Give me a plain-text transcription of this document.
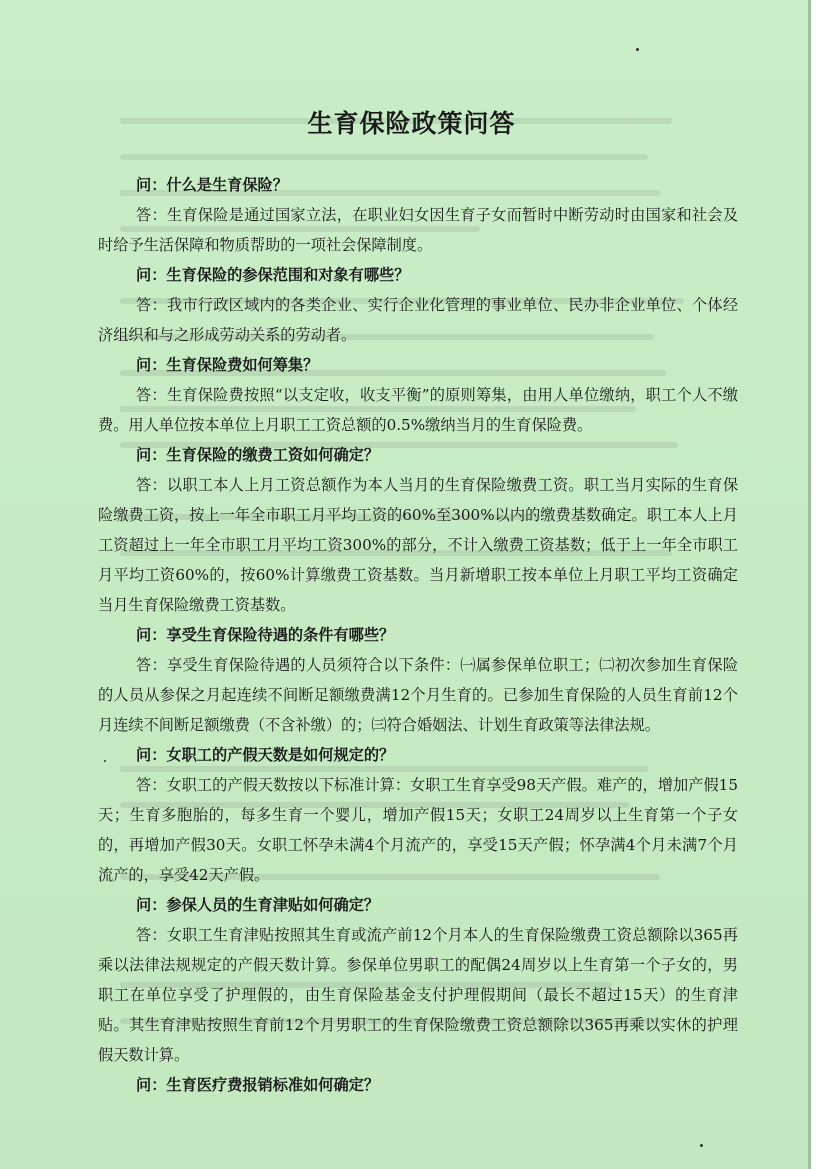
生育保险政策问答

问：什么是生育保险？

答：生育保险是通过国家立法，在职业妇女因生育子女而暂时中断劳动时由国家和社会及时给予生活保障和物质帮助的一项社会保障制度。

问：生育保险的参保范围和对象有哪些？

答：我市行政区域内的各类企业、实行企业化管理的事业单位、民办非企业单位、个体经济组织和与之形成劳动关系的劳动者。

问：生育保险费如何筹集？

答：生育保险费按照“以支定收，收支平衡”的原则筹集，由用人单位缴纳，职工个人不缴费。用人单位按本单位上月职工工资总额的0.5%缴纳当月的生育保险费。

问：生育保险的缴费工资如何确定？

答：以职工本人上月工资总额作为本人当月的生育保险缴费工资。职工当月实际的生育保险缴费工资，按上一年全市职工月平均工资的60%至300%以内的缴费基数确定。职工本人上月工资超过上一年全市职工月平均工资300%的部分，不计入缴费工资基数；低于上一年全市职工月平均工资60%的，按60%计算缴费工资基数。当月新增职工按本单位上月职工平均工资确定当月生育保险缴费工资基数。

问：享受生育保险待遇的条件有哪些？

答：享受生育保险待遇的人员须符合以下条件：㈠属参保单位职工；㈡初次参加生育保险的人员从参保之月起连续不间断足额缴费满12个月生育的。已参加生育保险的人员生育前12个月连续不间断足额缴费（不含补缴）的；㈢符合婚姻法、计划生育政策等法律法规。

问：女职工的产假天数是如何规定的？

答：女职工的产假天数按以下标准计算：女职工生育享受98天产假。难产的，增加产假15天；生育多胞胎的，每多生育一个婴儿，增加产假15天；女职工24周岁以上生育第一个子女的，再增加产假30天。女职工怀孕未满4个月流产的，享受15天产假；怀孕满4个月未满7个月流产的，享受42天产假。

问：参保人员的生育津贴如何确定？

答：女职工生育津贴按照其生育或流产前12个月本人的生育保险缴费工资总额除以365再乘以法律法规规定的产假天数计算。参保单位男职工的配偶24周岁以上生育第一个子女的，男职工在单位享受了护理假的，由生育保险基金支付护理假期间（最长不超过15天）的生育津贴。其生育津贴按照生育前12个月男职工的生育保险缴费工资总额除以365再乘以实休的护理假天数计算。

问：生育医疗费报销标准如何确定？
